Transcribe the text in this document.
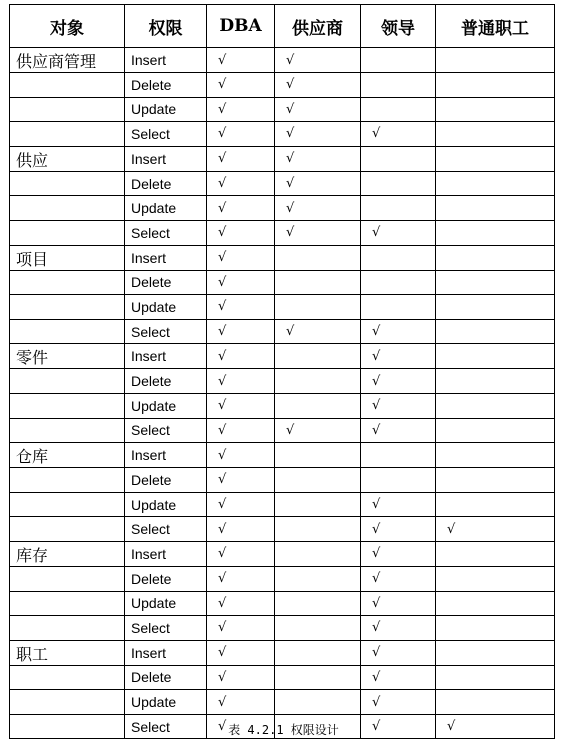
对象	权限	DBA	供应商	领导	普通职工
供应商管理	Insert	√	√		
	Delete	√	√		
	Update	√	√		
	Select	√	√	√	
供应	Insert	√	√		
	Delete	√	√		
	Update	√	√		
	Select	√	√	√	
项目	Insert	√			
	Delete	√			
	Update	√			
	Select	√	√	√	
零件	Insert	√		√	
	Delete	√		√	
	Update	√		√	
	Select	√	√	√	
仓库	Insert	√			
	Delete	√			
	Update	√		√	
	Select	√		√	√
库存	Insert	√		√	
	Delete	√		√	
	Update	√		√	
	Select	√		√	
职工	Insert	√		√	
	Delete	√		√	
	Update	√		√	
	Select	√		√	√
表 4.2.1 权限设计
